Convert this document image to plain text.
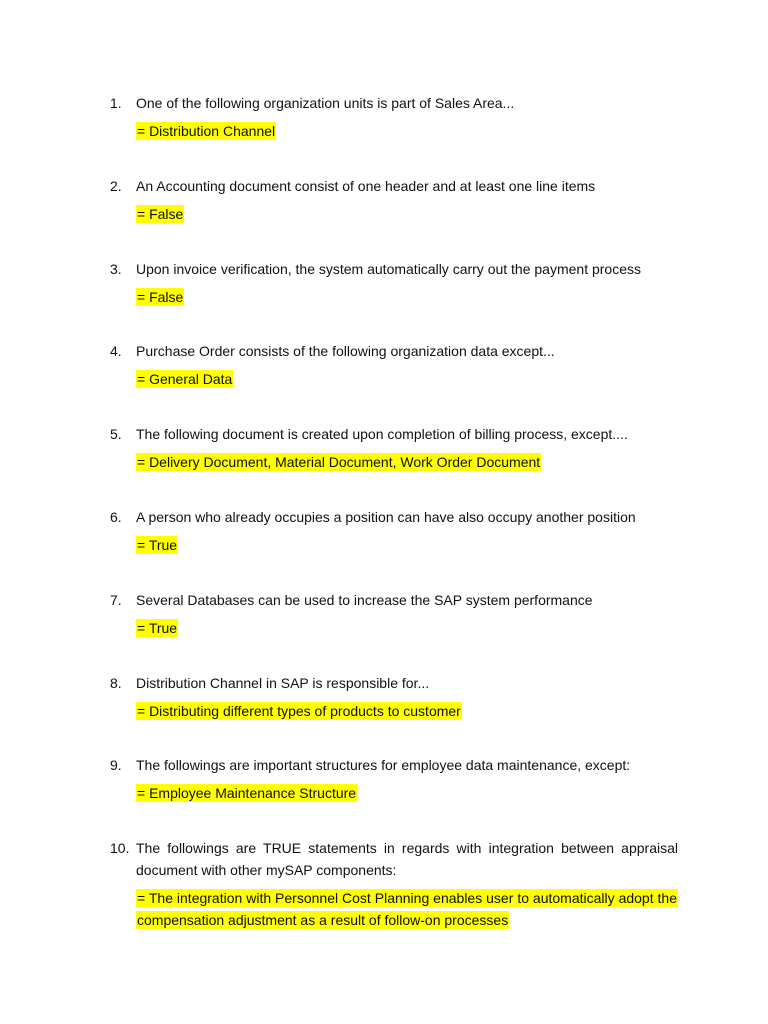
1. One of the following organization units is part of Sales Area...

= Distribution Channel

2. An Accounting document consist of one header and at least one line items

= False

3. Upon invoice verification, the system automatically carry out the payment process

= False

4. Purchase Order consists of the following organization data except...

= General Data

5. The following document is created upon completion of billing process, except....

= Delivery Document, Material Document, Work Order Document

6. A person who already occupies a position can have also occupy another position

= True

7. Several Databases can be used to increase the SAP system performance

= True

8. Distribution Channel in SAP is responsible for...

= Distributing different types of products to customer

9. The followings are important structures for employee data maintenance, except:

= Employee Maintenance Structure

10. The followings are TRUE statements in regards with integration between appraisal

document with other mySAP components:

= The integration with Personnel Cost Planning enables user to automatically adopt the compensation adjustment as a result of follow-on processes
